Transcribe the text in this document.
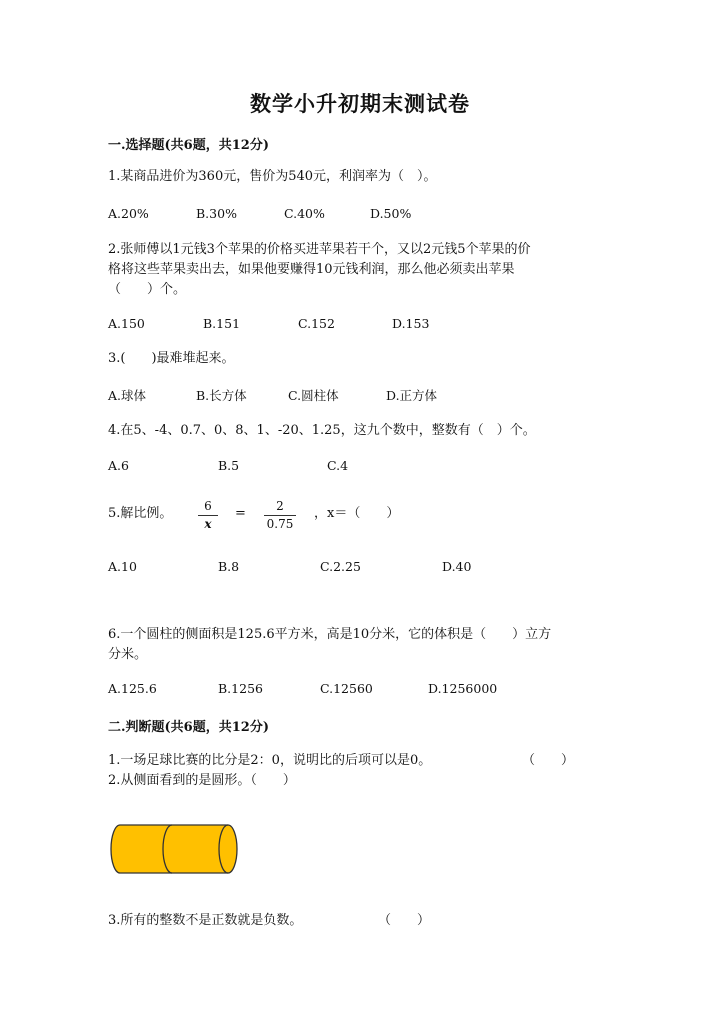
数学小升初期末测试卷
一.选择题(共6题，共12分)
1.某商品进价为360元，售价为540元，利润率为（　）。
A.20%	B.30%	C.40%	D.50%
2.张师傅以1元钱3个苹果的价格买进苹果若干个，又以2元钱5个苹果的价
格将这些苹果卖出去，如果他要赚得10元钱利润，那么他必须卖出苹果
（　　）个。
A.150	B.151	C.152	D.153
3.(　　)最难堆起来。
A.球体	B.长方体	C.圆柱体	D.正方体
4.在5、-4、0.7、0、8、1、-20、1.25，这九个数中，整数有（　）个。
A.6	B.5	C.4
5.解比例。	6
x
=	2
0.75
，x＝（　　）
A.10	B.8	C.2.25	D.40
6.一个圆柱的侧面积是125.6平方米，高是10分米，它的体积是（　　）立方
分米。
A.125.6	B.1256	C.12560	D.1256000
二.判断题(共6题，共12分)
1.一场足球比赛的比分是2：0，说明比的后项可以是0。	（　　）
2.从侧面看到的是圆形。（　　）
3.所有的整数不是正数就是负数。	（　　）
